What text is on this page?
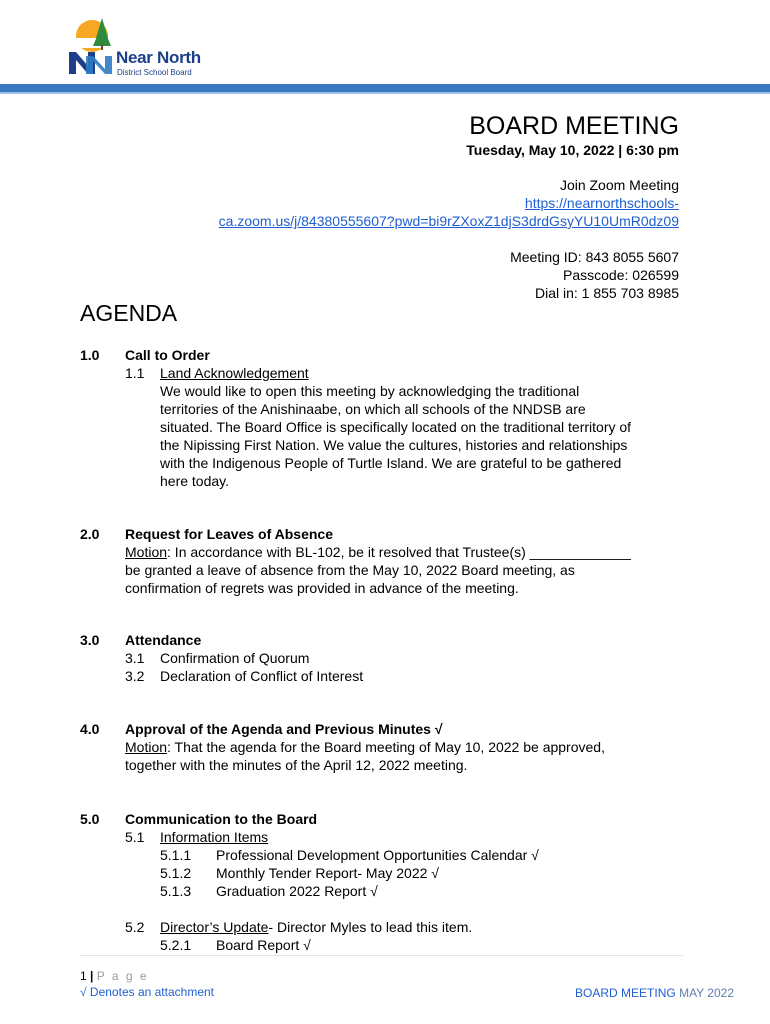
Near North
District School Board
BOARD MEETING
Tuesday, May 10, 2022 | 6:30 pm
Join Zoom Meeting
https://nearnorthschools-
ca.zoom.us/j/84380555607?pwd=bi9rZXoxZ1djS3drdGsyYU10UmR0dz09
Meeting ID: 843 8055 5607
Passcode: 026599
Dial in: 1 855 703 8985
AGENDA
1.0 Call to Order
1.1 Land Acknowledgement
We would like to open this meeting by acknowledging the traditional
territories of the Anishinaabe, on which all schools of the NNDSB are
situated. The Board Office is specifically located on the traditional territory of
the Nipissing First Nation. We value the cultures, histories and relationships
with the Indigenous People of Turtle Island. We are grateful to be gathered
here today.
2.0 Request for Leaves of Absence
Motion: In accordance with BL-102, be it resolved that Trustee(s) _____________
be granted a leave of absence from the May 10, 2022 Board meeting, as
confirmation of regrets was provided in advance of the meeting.
3.0 Attendance
3.1 Confirmation of Quorum
3.2 Declaration of Conflict of Interest
4.0 Approval of the Agenda and Previous Minutes √
Motion: That the agenda for the Board meeting of May 10, 2022 be approved,
together with the minutes of the April 12, 2022 meeting.
5.0 Communication to the Board
5.1 Information Items
5.1.1 Professional Development Opportunities Calendar √
5.1.2 Monthly Tender Report- May 2022 √
5.1.3 Graduation 2022 Report √
5.2 Director’s Update- Director Myles to lead this item.
5.2.1 Board Report √
1 | P a g e
√ Denotes an attachment	BOARD MEETING MAY 2022
